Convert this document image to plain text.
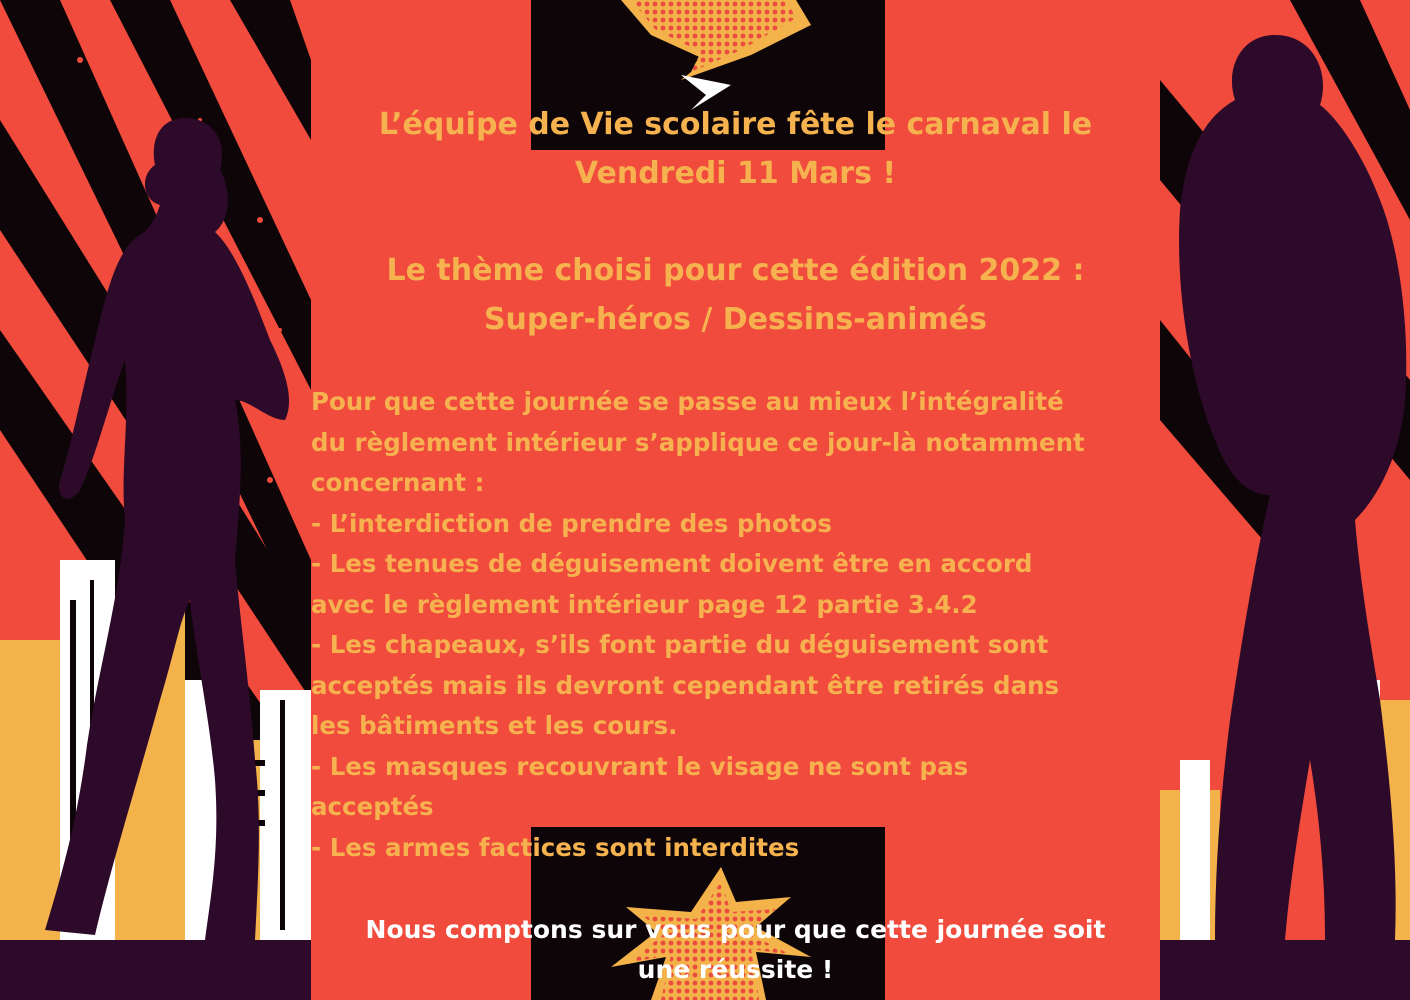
L’équipe de Vie scolaire fête le carnaval le
Vendredi 11 Mars !
Le thème choisi pour cette édition 2022 :
Super-héros / Dessins-animés
Pour que cette journée se passe au mieux l’intégralité
du règlement intérieur s’applique ce jour-là notamment
concernant :
- L’interdiction de prendre des photos
- Les tenues de déguisement doivent être en accord
avec le règlement intérieur page 12 partie 3.4.2
- Les chapeaux, s’ils font partie du déguisement sont
acceptés mais ils devront cependant être retirés dans
les bâtiments et les cours.
- Les masques recouvrant le visage ne sont pas
acceptés
- Les armes factices sont interdites
Nous comptons sur vous pour que cette journée soit
une réussite !
